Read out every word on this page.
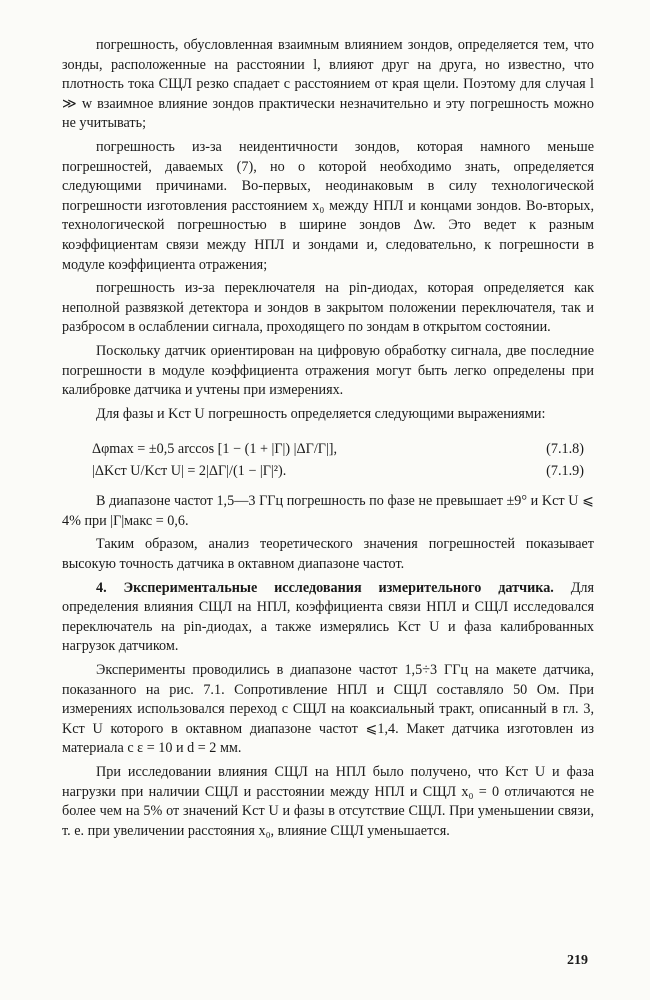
погрешность, обусловленная взаимным влиянием зондов, определяется тем, что зонды, расположенные на расстоянии l, влияют друг на друга, но известно, что плотность тока СЩЛ резко спадает с расстоянием от края щели. Поэтому для случая l ≫ w взаимное влияние зондов практически незначительно и эту погрешность можно не учитывать;

погрешность из-за неидентичности зондов, которая намного меньше погрешностей, даваемых (7), но о которой необходимо знать, определяется следующими причинами. Во-первых, неодинаковым в силу технологической погрешности изготовления расстоянием x₀ между НПЛ и концами зондов. Во-вторых, технологической погрешностью в ширине зондов Δw. Это ведет к разным коэффициентам связи между НПЛ и зондами и, следовательно, к погрешности в модуле коэффициента отражения;

погрешность из-за переключателя на pin-диодах, которая определяется как неполной развязкой детектора и зондов в закрытом положении переключателя, так и разбросом в ослаблении сигнала, проходящего по зондам в открытом состоянии.

Поскольку датчик ориентирован на цифровую обработку сигнала, две последние погрешности в модуле коэффициента отражения могут быть легко определены при калибровке датчика и учтены при измерениях.

Для фазы и Kст U погрешность определяется следующими выражениями:

Δφmax = ±0,5 arccos [1 − (1 + |Γ|) |ΔΓ/Γ|],	(7.1.8)
|ΔKст U/Kст U| = 2|ΔΓ|/(1 − |Γ|²).	(7.1.9)

В диапазоне частот 1,5—3 ГГц погрешность по фазе не превышает ±9° и Kст U ⩽ 4% при |Γ|макс = 0,6.

Таким образом, анализ теоретического значения погрешностей показывает высокую точность датчика в октавном диапазоне частот.

4. Экспериментальные исследования измерительного датчика. Для определения влияния СЩЛ на НПЛ, коэффициента связи НПЛ и СЩЛ исследовался переключатель на pin-диодах, а также измерялись Kст U и фаза калиброванных нагрузок датчиком.

Эксперименты проводились в диапазоне частот 1,5÷3 ГГц на макете датчика, показанного на рис. 7.1. Сопротивление НПЛ и СЩЛ составляло 50 Ом. При измерениях использовался переход с СЩЛ на коаксиальный тракт, описанный в гл. 3, Kст U которого в октавном диапазоне частот ⩽1,4. Макет датчика изготовлен из материала с ε = 10 и d = 2 мм.

При исследовании влияния СЩЛ на НПЛ было получено, что Kст U и фаза нагрузки при наличии СЩЛ и расстоянии между НПЛ и СЩЛ x₀ = 0 отличаются не более чем на 5% от значений Kст U и фазы в отсутствие СЩЛ. При уменьшении связи, т. е. при увеличении расстояния x₀, влияние СЩЛ уменьшается.

219
